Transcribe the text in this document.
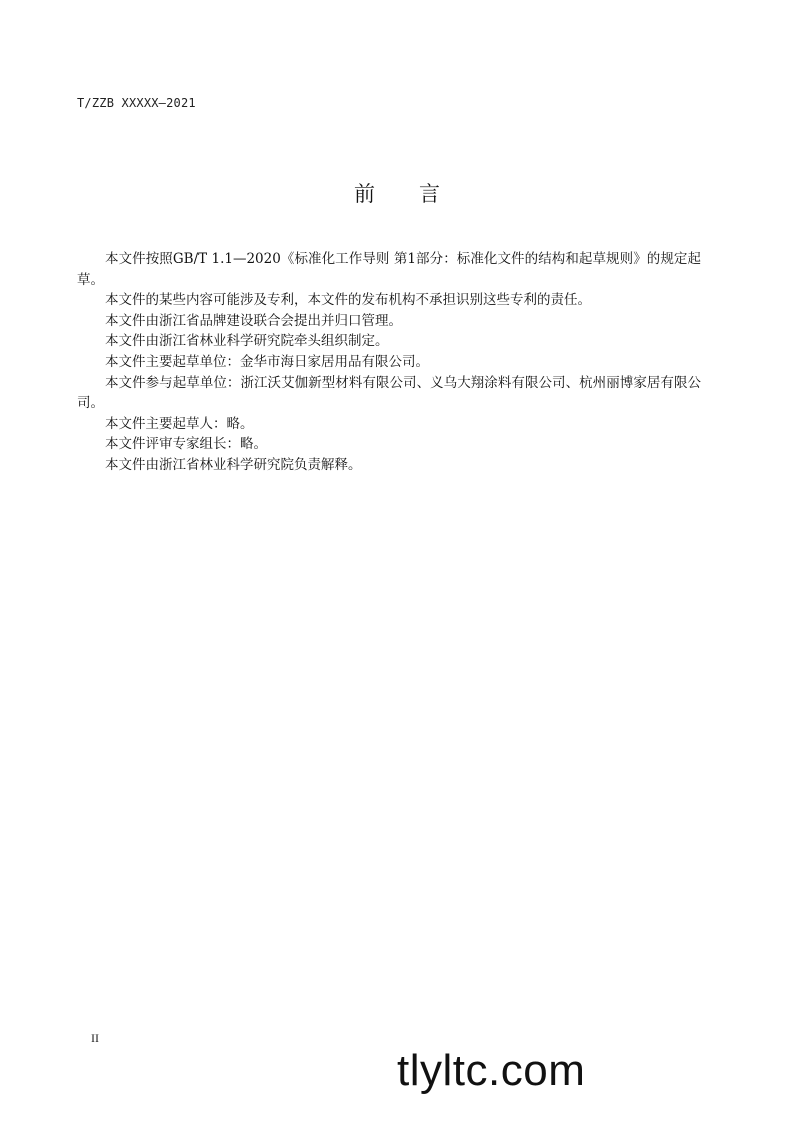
T/ZZB XXXXX—2021
前 言

本文件按照GB/T 1.1—2020《标准化工作导则 第1部分：标准化文件的结构和起草规则》的规定起草。

本文件的某些内容可能涉及专利，本文件的发布机构不承担识别这些专利的责任。

本文件由浙江省品牌建设联合会提出并归口管理。

本文件由浙江省林业科学研究院牵头组织制定。

本文件主要起草单位：金华市海日家居用品有限公司。

本文件参与起草单位：浙江沃艾伽新型材料有限公司、义乌大翔涂料有限公司、杭州丽博家居有限公司。

本文件主要起草人：略。

本文件评审专家组长：略。

本文件由浙江省林业科学研究院负责解释。

II
tlyltc.com
